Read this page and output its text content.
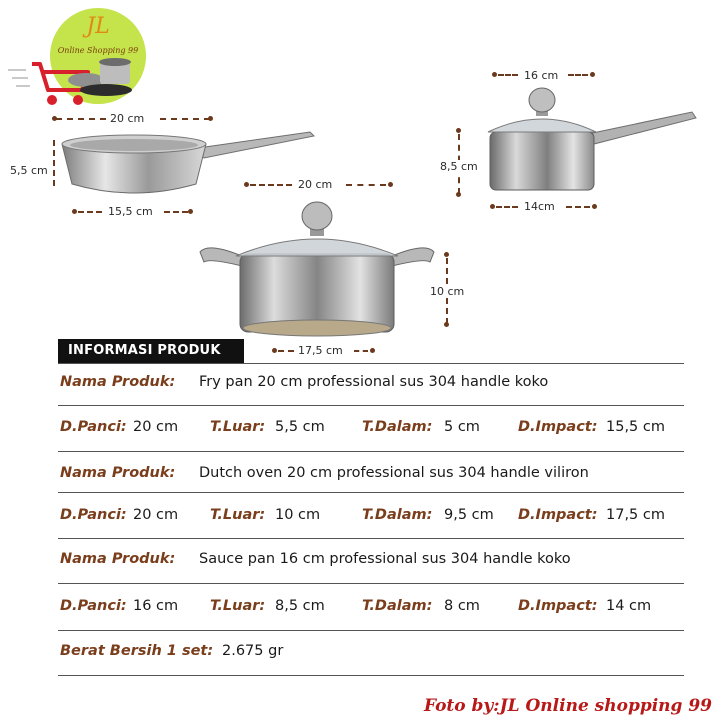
JL
Online Shopping 99
20 cm
5,5 cm
15,5 cm
16 cm
8,5 cm
14cm
20 cm
10 cm
17,5 cm
INFORMASI PRODUK
Nama Produk: Fry pan 20 cm professional sus 304 handle koko
D.Panci: 20 cm T.Luar: 5,5 cm	T.Dalam: 5 cm	D.Impact: 15,5 cm
Nama Produk: Dutch oven 20 cm professional sus 304 handle viliron
D.Panci: 20 cm T.Luar: 10 cm	T.Dalam: 9,5 cm D.Impact: 17,5 cm
Nama Produk: Sauce pan 16 cm professional sus 304 handle koko
D.Panci: 16 cm T.Luar: 8,5 cm	T.Dalam: 8 cm	D.Impact: 14 cm
Berat Bersih 1 set: 2.675 gr
Foto by:JL Online shopping 99
